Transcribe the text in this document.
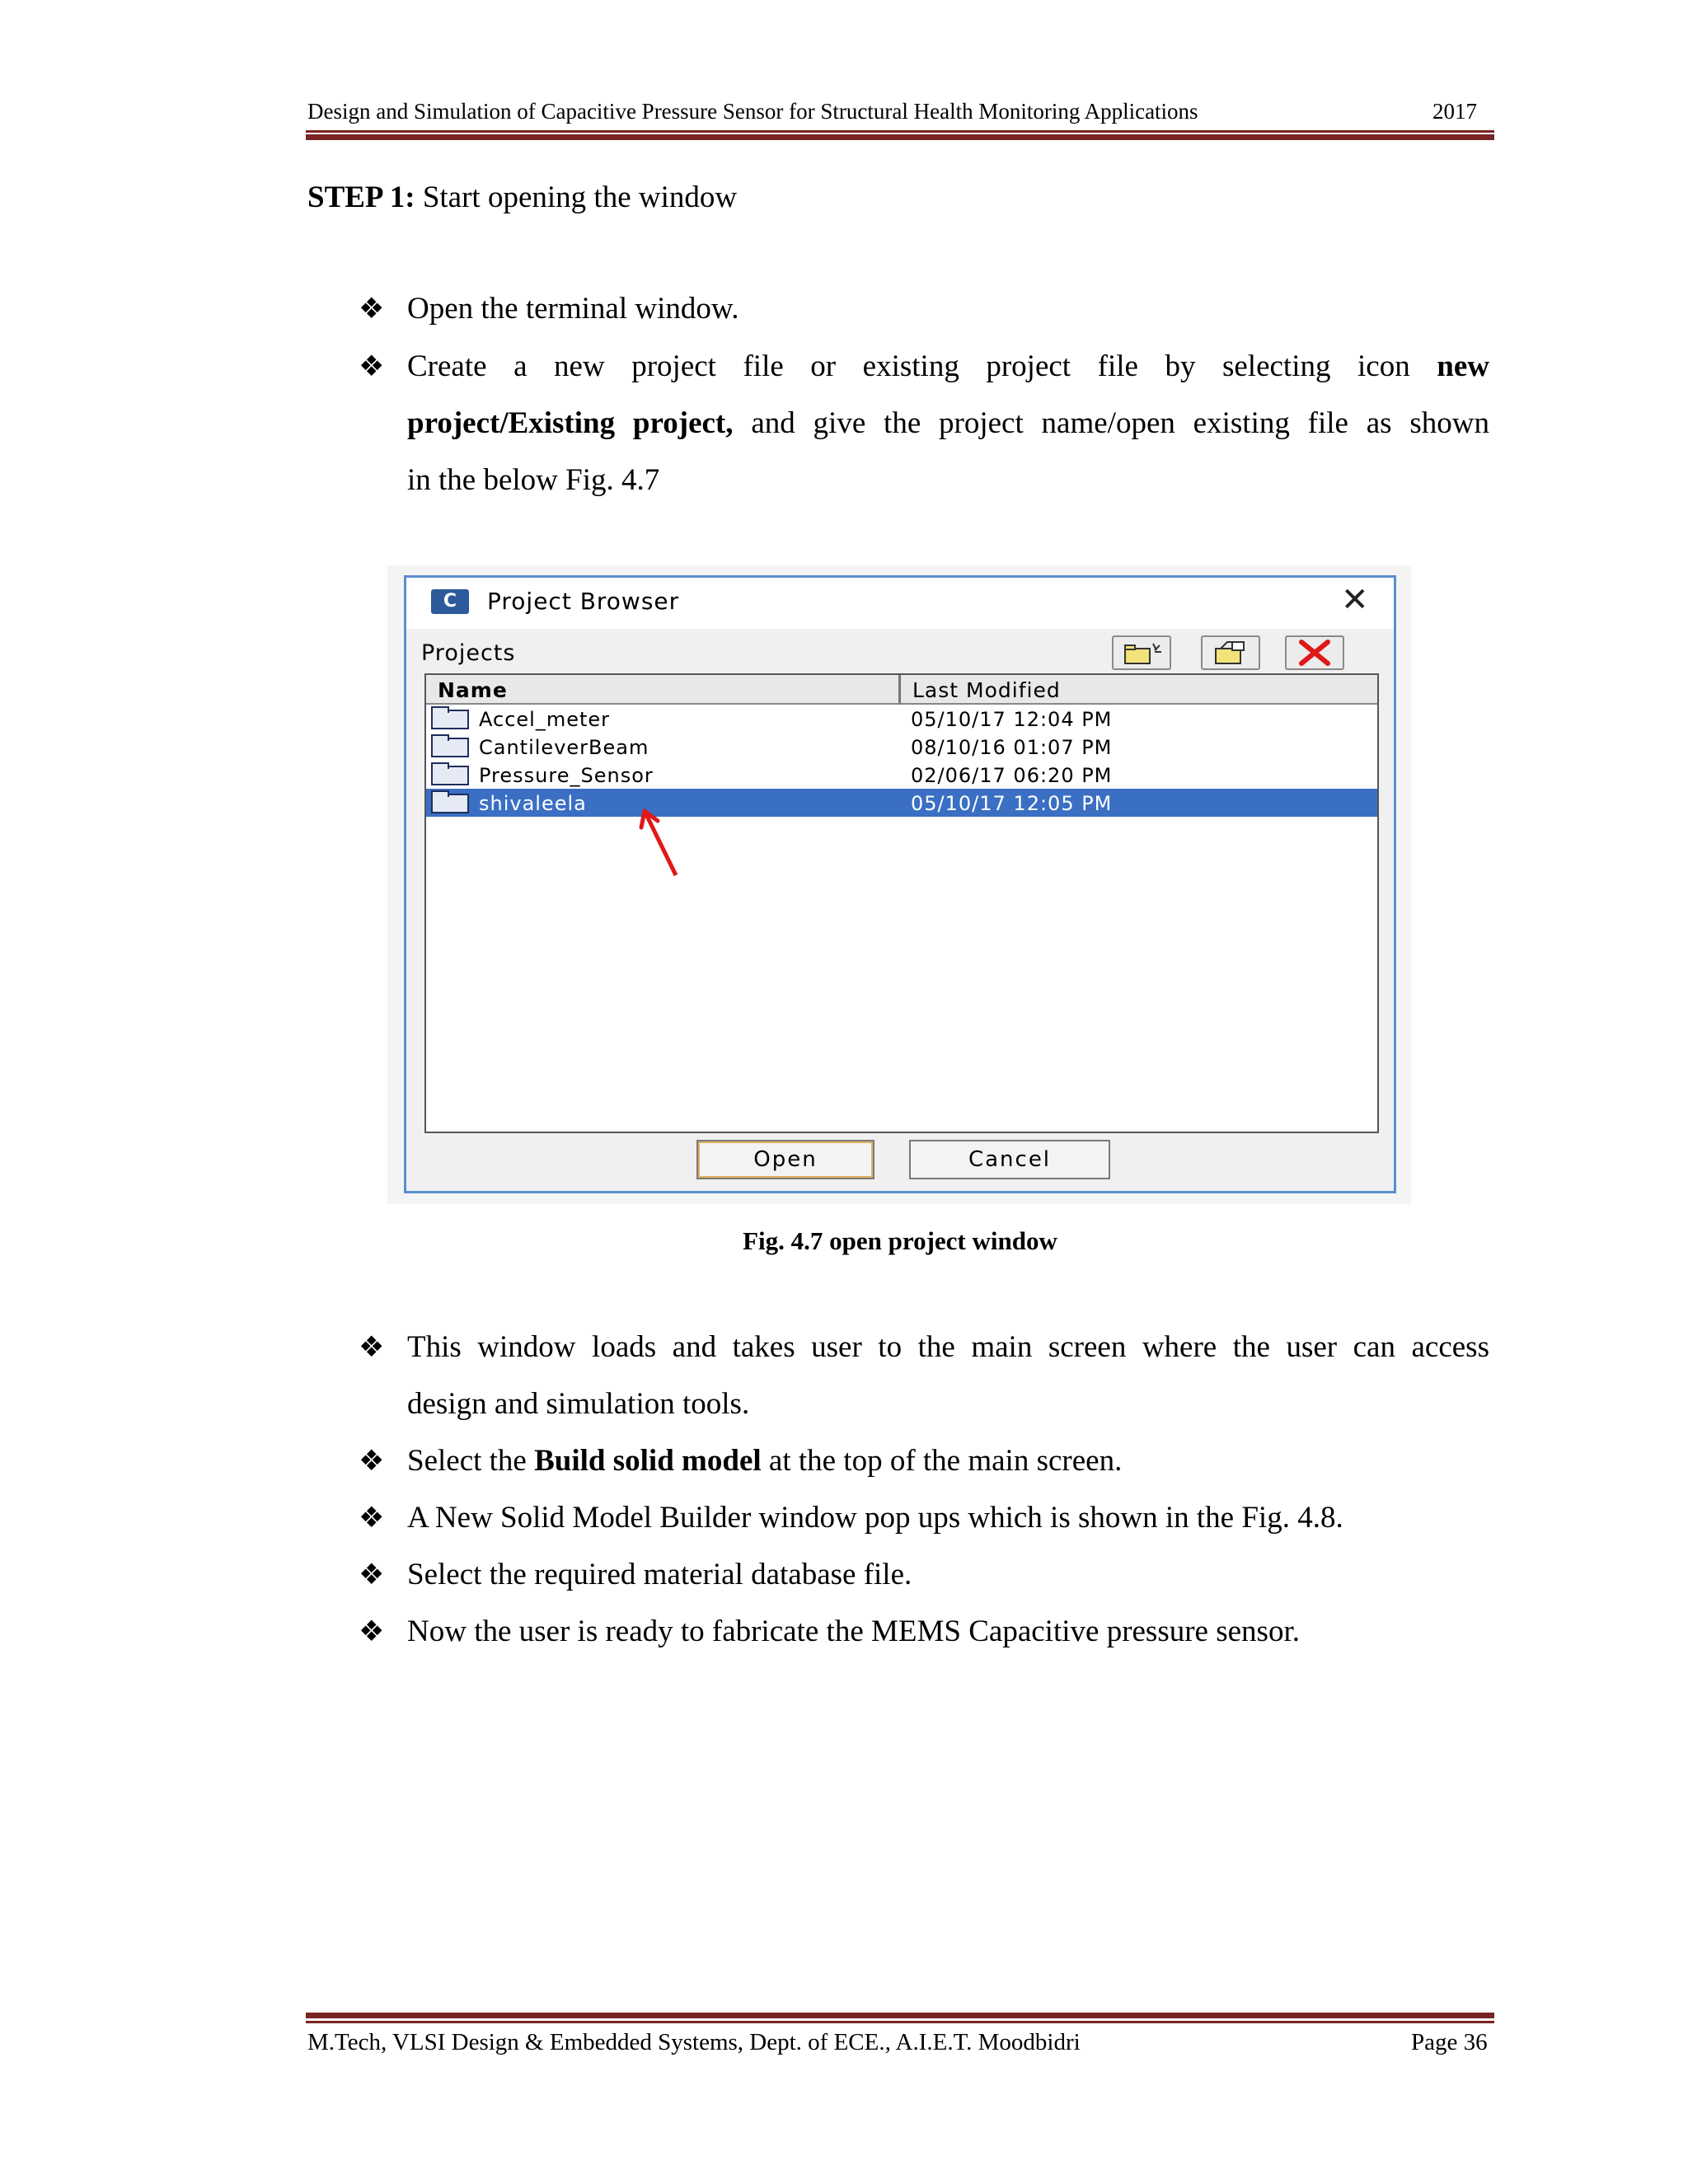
Design and Simulation of Capacitive Pressure Sensor for Structural Health Monitoring Applications	2017
STEP 1: Start opening the window
❖ Open the terminal window.
❖ Create a new project file or existing project file by selecting icon new
project/Existing project, and give the project name/open existing file as shown
in the below Fig. 4.7
C	Project Browser	✕
Projects
Name	Last Modified
Accel_meter	05/10/17 12:04 PM
CantileverBeam	08/10/16 01:07 PM
Pressure_Sensor	02/06/17 06:20 PM
shivaleela	05/10/17 12:05 PM
Open	Cancel
Fig. 4.7 open project window
❖ This window loads and takes user to the main screen where the user can access
design and simulation tools.
❖ Select the Build solid model at the top of the main screen.
❖ A New Solid Model Builder window pop ups which is shown in the Fig. 4.8.
❖ Select the required material database file.
❖ Now the user is ready to fabricate the MEMS Capacitive pressure sensor.
M.Tech, VLSI Design & Embedded Systems, Dept. of ECE., A.I.E.T. Moodbidri	Page 36
